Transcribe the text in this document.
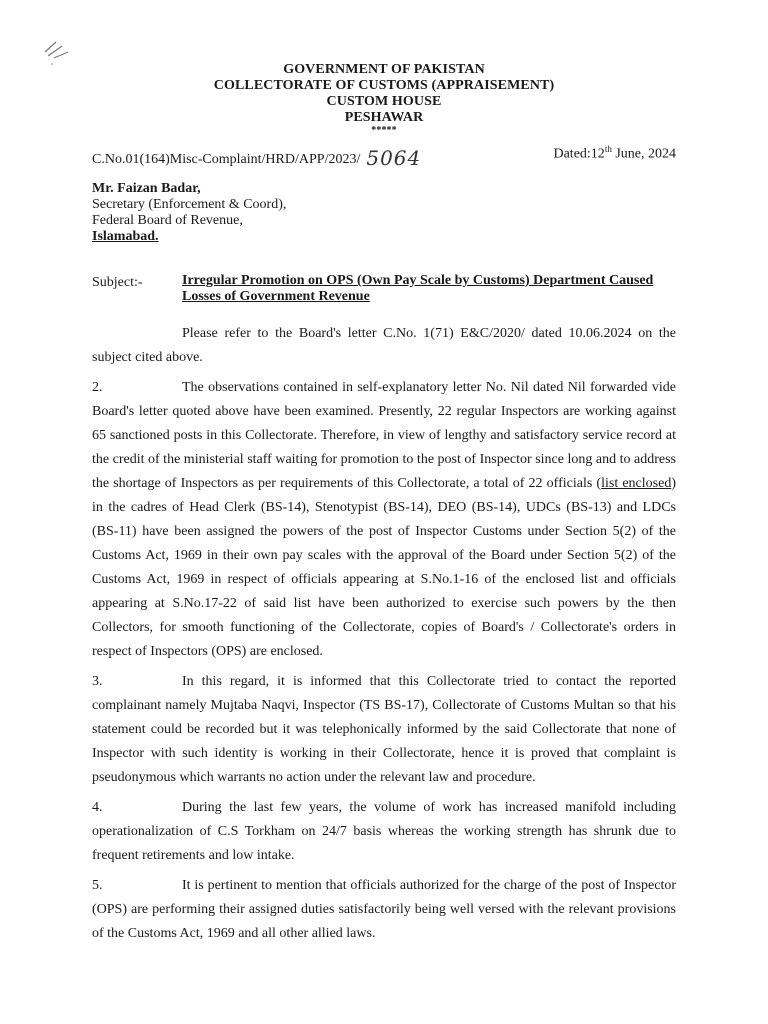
GOVERNMENT OF PAKISTAN
COLLECTORATE OF CUSTOMS (APPRAISEMENT)
CUSTOM HOUSE
PESHAWAR
*****
C.No.01(164)Misc-Complaint/HRD/APP/2023/ 5064	Dated:12th June, 2024
Mr. Faizan Badar,
Secretary (Enforcement & Coord),
Federal Board of Revenue,
Islamabad.
Subject:-	Irregular Promotion on OPS (Own Pay Scale by Customs) Department Caused Losses of Government Revenue

Please refer to the Board's letter C.No. 1(71) E&C/2020/ dated 10.06.2024 on the subject cited above.

2.	The observations contained in self-explanatory letter No. Nil dated Nil forwarded vide Board's letter quoted above have been examined. Presently, 22 regular Inspectors are working against 65 sanctioned posts in this Collectorate. Therefore, in view of lengthy and satisfactory service record at the credit of the ministerial staff waiting for promotion to the post of Inspector since long and to address the shortage of Inspectors as per requirements of this Collectorate, a total of 22 officials (list enclosed) in the cadres of Head Clerk (BS-14), Stenotypist (BS-14), DEO (BS-14), UDCs (BS-13) and LDCs (BS-11) have been assigned the powers of the post of Inspector Customs under Section 5(2) of the Customs Act, 1969 in their own pay scales with the approval of the Board under Section 5(2) of the Customs Act, 1969 in respect of officials appearing at S.No.1-16 of the enclosed list and officials appearing at S.No.17-22 of said list have been authorized to exercise such powers by the then Collectors, for smooth functioning of the Collectorate, copies of Board's / Collectorate's orders in respect of Inspectors (OPS) are enclosed.

3.	In this regard, it is informed that this Collectorate tried to contact the reported complainant namely Mujtaba Naqvi, Inspector (TS BS-17), Collectorate of Customs Multan so that his statement could be recorded but it was telephonically informed by the said Collectorate that none of Inspector with such identity is working in their Collectorate, hence it is proved that complaint is pseudonymous which warrants no action under the relevant law and procedure.

4.	During the last few years, the volume of work has increased manifold including operationalization of C.S Torkham on 24/7 basis whereas the working strength has shrunk due to frequent retirements and low intake.

5.	It is pertinent to mention that officials authorized for the charge of the post of Inspector (OPS) are performing their assigned duties satisfactorily being well versed with the relevant provisions of the Customs Act, 1969 and all other allied laws.
